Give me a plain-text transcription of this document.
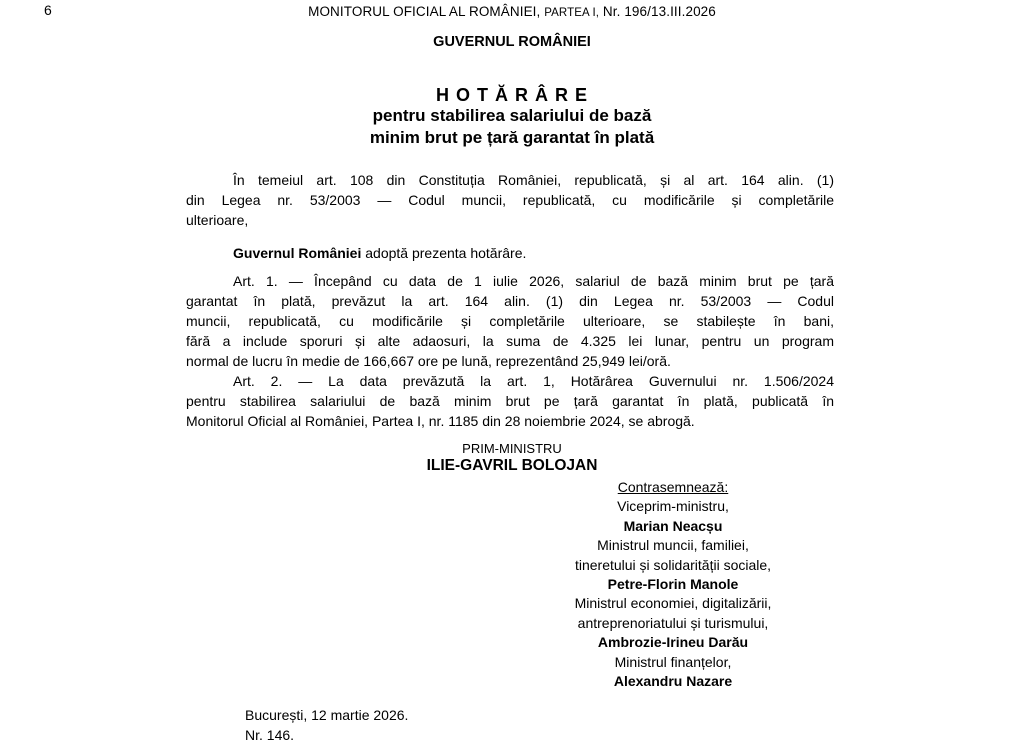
6	MONITORUL OFICIAL AL ROMÂNIEI, PARTEA I, Nr. 196/13.III.2026
GUVERNUL ROMÂNIEI
H O T Ă R Â R E
pentru stabilirea salariului de bază
minim brut pe țară garantat în plată
În temeiul art. 108 din Constituția României, republicată, și al art. 164 alin. (1)
din Legea nr. 53/2003 — Codul muncii, republicată, cu modificările și completările
ulterioare,
Guvernul României adoptă prezenta hotărâre.
Art. 1. — Începând cu data de 1 iulie 2026, salariul de bază minim brut pe țară
garantat în plată, prevăzut la art. 164 alin. (1) din Legea nr. 53/2003 — Codul
muncii, republicată, cu modificările și completările ulterioare, se stabilește în bani,
fără a include sporuri și alte adaosuri, la suma de 4.325 lei lunar, pentru un program
normal de lucru în medie de 166,667 ore pe lună, reprezentând 25,949 lei/oră.
Art. 2. — La data prevăzută la art. 1, Hotărârea Guvernului nr. 1.506/2024
pentru stabilirea salariului de bază minim brut pe țară garantat în plată, publicată în
Monitorul Oficial al României, Partea I, nr. 1185 din 28 noiembrie 2024, se abrogă.
PRIM-MINISTRU
ILIE-GAVRIL BOLOJAN
Contrasemnează:
Viceprim-ministru,
Marian Neacșu
Ministrul muncii, familiei,
tineretului și solidarității sociale,
Petre-Florin Manole
Ministrul economiei, digitalizării,
antreprenoriatului și turismului,
Ambrozie-Irineu Darău
Ministrul finanțelor,
Alexandru Nazare
București, 12 martie 2026.
Nr. 146.
